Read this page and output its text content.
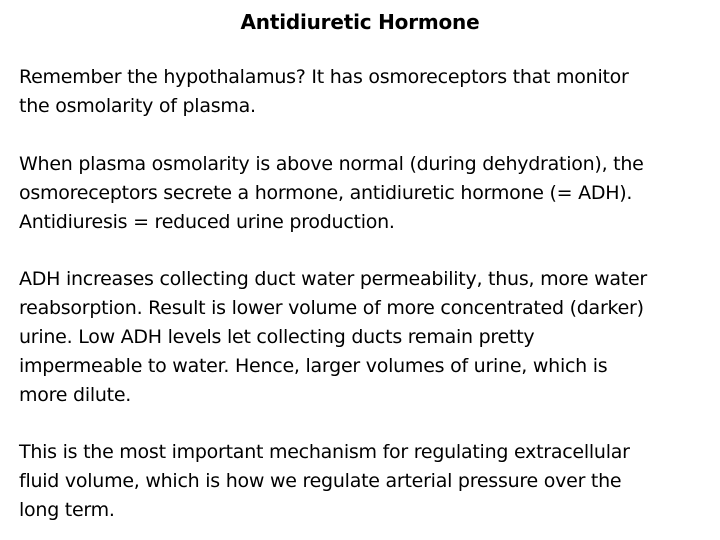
Antidiuretic Hormone
Remember the hypothalamus? It has osmoreceptors that monitor
the osmolarity of plasma.
When plasma osmolarity is above normal (during dehydration), the
osmoreceptors secrete a hormone, antidiuretic hormone (= ADH).
Antidiuresis = reduced urine production.
ADH increases collecting duct water permeability, thus, more water
reabsorption. Result is lower volume of more concentrated (darker)
urine. Low ADH levels let collecting ducts remain pretty
impermeable to water. Hence, larger volumes of urine, which is
more dilute.
This is the most important mechanism for regulating extracellular
fluid volume, which is how we regulate arterial pressure over the
long term.
